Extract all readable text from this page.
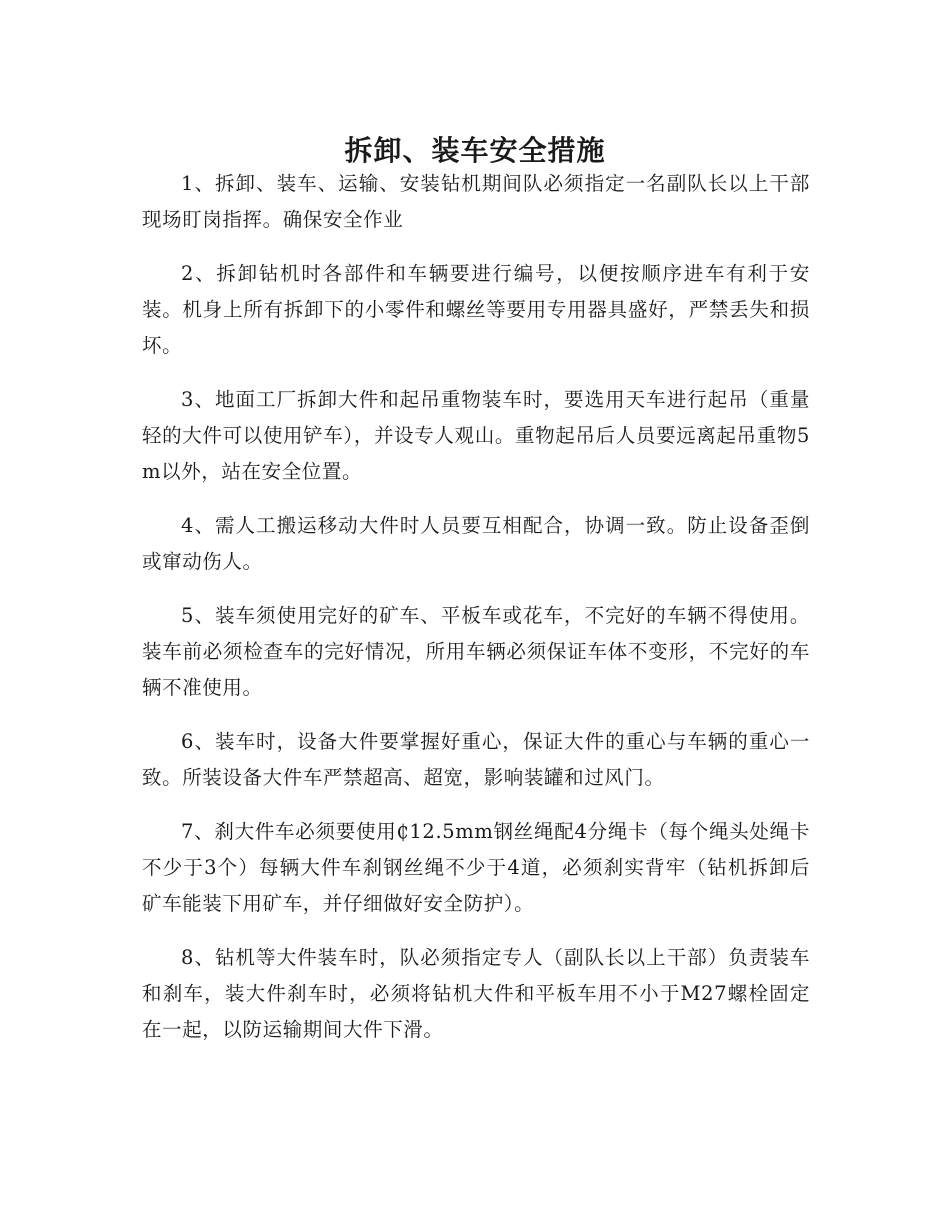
拆卸、装车安全措施

1、拆卸、装车、运输、安装钻机期间队必须指定一名副队长以上干部现场盯岗指挥。确保安全作业

2、拆卸钻机时各部件和车辆要进行编号，以便按顺序进车有利于安装。机身上所有拆卸下的小零件和螺丝等要用专用器具盛好，严禁丢失和损坏。

3、地面工厂拆卸大件和起吊重物装车时，要选用天车进行起吊（重量轻的大件可以使用铲车），并设专人观山。重物起吊后人员要远离起吊重物5m以外，站在安全位置。

4、需人工搬运移动大件时人员要互相配合，协调一致。防止设备歪倒或窜动伤人。

5、装车须使用完好的矿车、平板车或花车，不完好的车辆不得使用。装车前必须检查车的完好情况，所用车辆必须保证车体不变形，不完好的车辆不准使用。

6、装车时，设备大件要掌握好重心，保证大件的重心与车辆的重心一致。所装设备大件车严禁超高、超宽，影响装罐和过风门。

7、刹大件车必须要使用₵12.5mm钢丝绳配4分绳卡（每个绳头处绳卡不少于3个）每辆大件车刹钢丝绳不少于4道，必须刹实背牢（钻机拆卸后矿车能装下用矿车，并仔细做好安全防护）。

8、钻机等大件装车时，队必须指定专人（副队长以上干部）负责装车和刹车，装大件刹车时，必须将钻机大件和平板车用不小于M27螺栓固定在一起，以防运输期间大件下滑。
